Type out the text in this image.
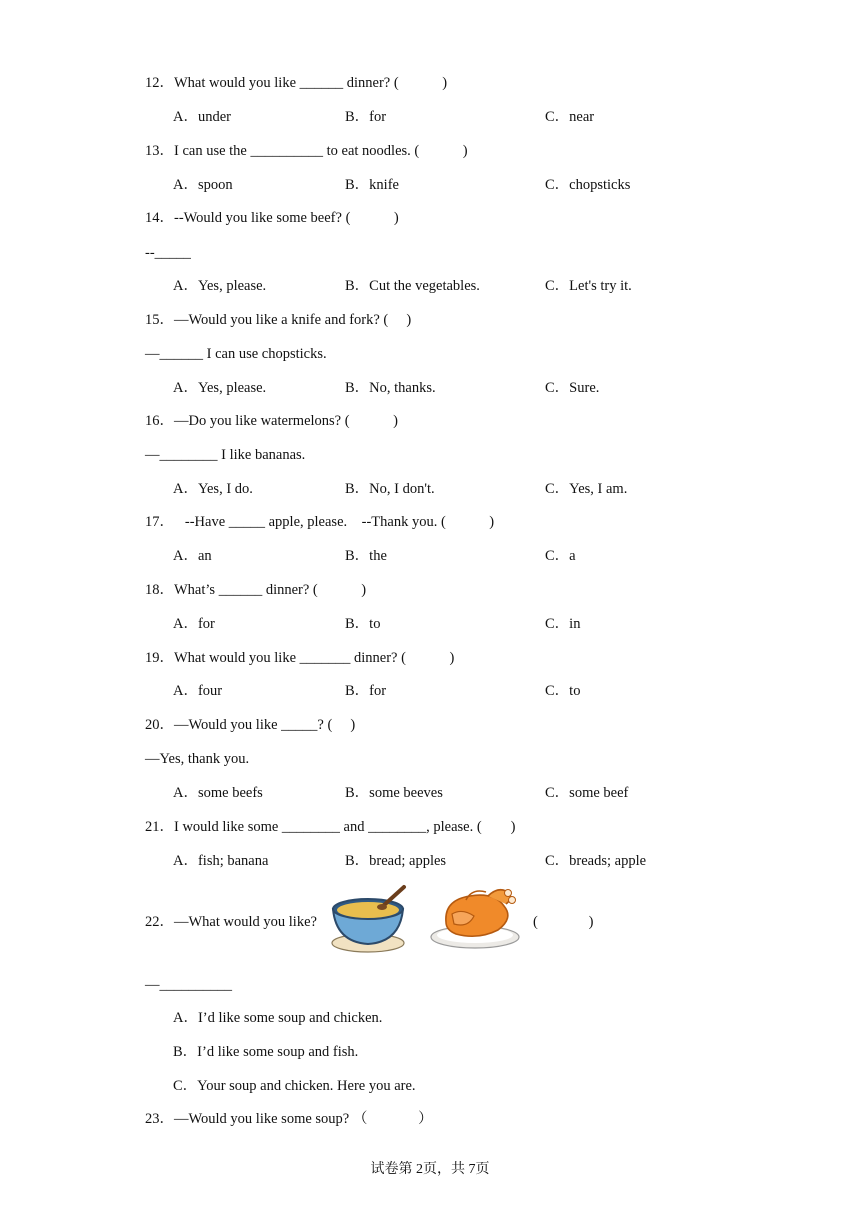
12．What would you like ______ dinner? (            )
A．under	B．for	C．near
13．I can use the __________ to eat noodles. (            )
A．spoon	B．knife	C．chopsticks
14．--Would you like some beef? (            )
--_____
A．Yes, please.	B．Cut the vegetables.	C．Let's try it.
15．—Would you like a knife and fork? (     )
—______ I can use chopsticks.
A．Yes, please.	B．No, thanks.	C．Sure.
16．—Do you like watermelons? (            )
—________ I like bananas.
A．Yes, I do.	B．No, I don't.	C．Yes, I am.
17．   --Have _____ apple, please.    --Thank you. (            )
A．an	B．the	C．a
18．What’s ______ dinner? (            )
A．for	B．to	C．in
19．What would you like _______ dinner? (            )
A．four	B．for	C．to
20．—Would you like _____? (     )
—Yes, thank you.
A．some beefs	B．some beeves	C．some beef
21．I would like some ________ and ________, please. (        )
A．fish; banana	B．bread; apples	C．breads; apple
22．—What would you like?	(              )
—__________
A．I’d like some soup and chicken.
B．I’d like some soup and fish.
C．Your soup and chicken. Here you are.
23．—Would you like some soup? （              ）
试卷第 2页，共 7页
